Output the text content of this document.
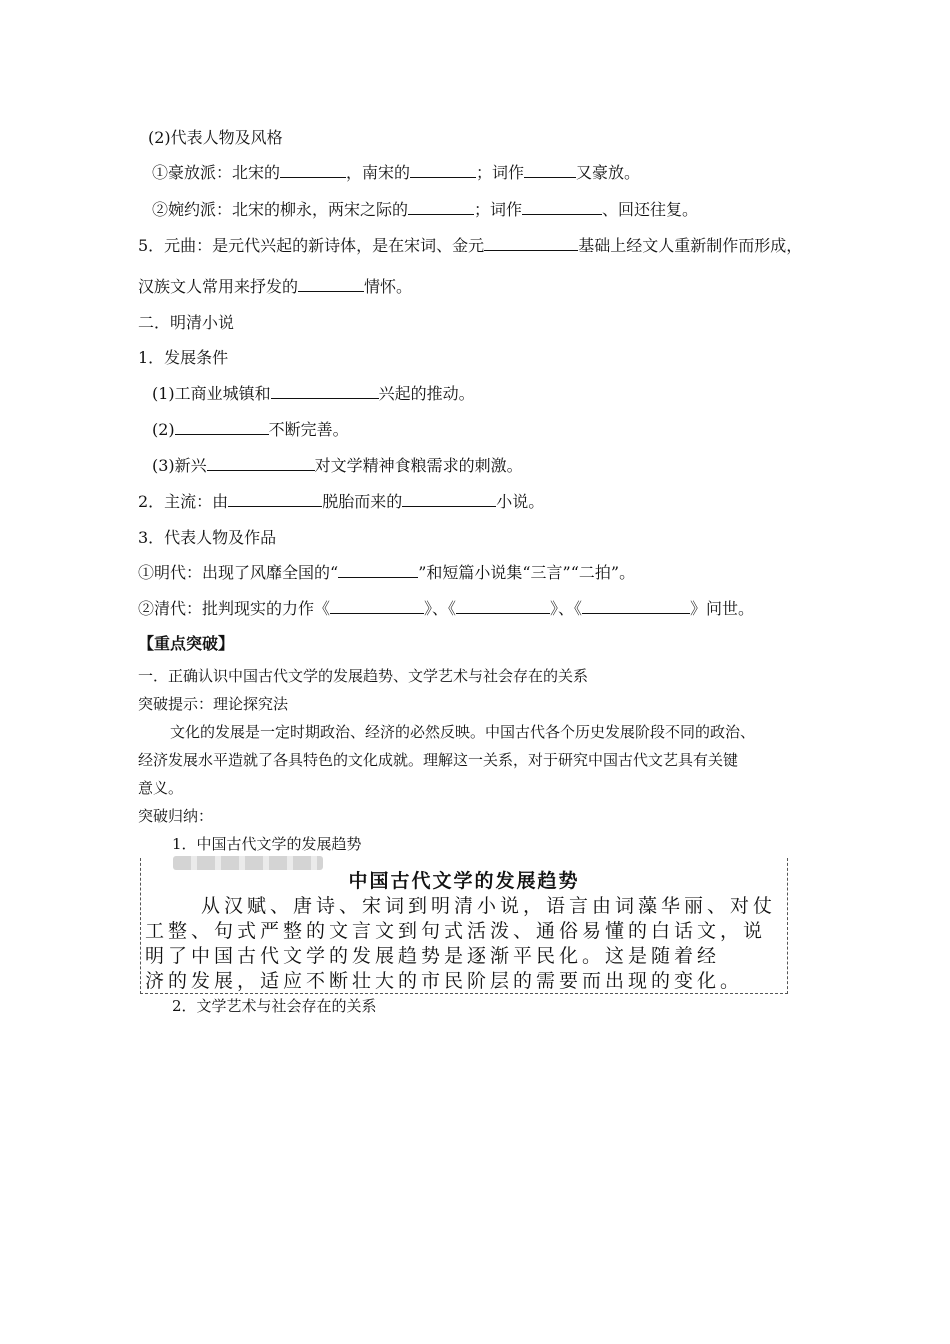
(2)代表人物及风格
①豪放派：北宋的	，南宋的	；词作	又豪放。
②婉约派：北宋的柳永，两宋之际的	；词作	、回还往复。
5．元曲：是元代兴起的新诗体，是在宋词、金元	基础上经文人重新制作而形成，
汉族文人常用来抒发的	情怀。
二．明清小说
1．发展条件
(1)工商业城镇和	兴起的推动。
(2)	不断完善。
(3)新兴	对文学精神食粮需求的刺激。
2．主流：由	脱胎而来的	小说。
3．代表人物及作品
①明代：出现了风靡全国的“	”和短篇小说集“三言”“二拍”。
②清代：批判现实的力作《	》、《	》、《	》问世。
【重点突破】
一．正确认识中国古代文学的发展趋势、文学艺术与社会存在的关系
突破提示：理论探究法
文化的发展是一定时期政治、经济的必然反映。中国古代各个历史发展阶段不同的政治、
经济发展水平造就了各具特色的文化成就。理解这一关系，对于研究中国古代文艺具有关键
意义。
突破归纳：
1．中国古代文学的发展趋势
中国古代文学的发展趋势
从汉赋、唐诗、宋词到明清小说，语言由词藻华丽、对仗
工整、句式严整的文言文到句式活泼、通俗易懂的白话文，说
明了中国古代文学的发展趋势是逐渐平民化。这是随着经
济的发展，适应不断壮大的市民阶层的需要而出现的变化。
2．文学艺术与社会存在的关系
